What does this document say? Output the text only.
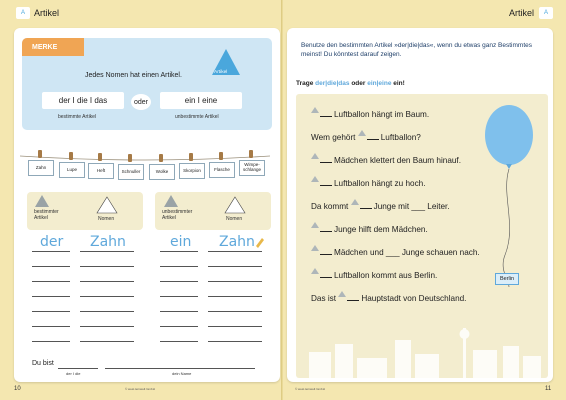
A Artikel
MERKE
Jedes Nomen hat einen Artikel.	Artikel
der I die I das	oder	ein I eine
bestimmte Artikel	unbestimmte Artikel
Zahn	Lupe	Heft	Schnuller	Wolke	Skorpion	Flasche
Wimpe-schlange
bestimmter Artikel	Nomen
unbestimmter Artikel	Nomen
der Zahn	ein Zahn
Du bist
der I die	dein Name
10	© west.lernwelt GmbH
Artikel A
Benutze den bestimmten Artikel »der|die|das«, wenn du etwas ganz Bestimmtes meinst! Du könntest darauf zeigen.
Trage der|die|das oder ein|eine ein!
Berlin
Luftballon hängt im Baum.
Wem gehört	Luftballon?
Mädchen klettert den Baum hinauf.
Luftballon hängt zu hoch.
Da kommt	Junge mit ___ Leiter.
Junge hilft dem Mädchen.
Mädchen und ___ Junge schauen nach.
Luftballon kommt aus Berlin.
Das ist	Hauptstadt von Deutschland.
© west.lernwelt GmbH	11
